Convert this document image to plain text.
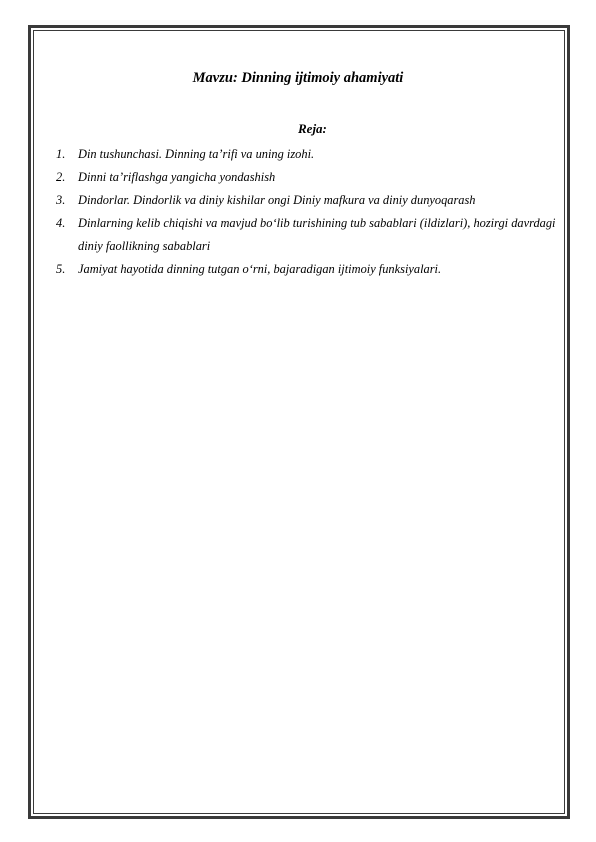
Mavzu: Dinning ijtimoiy ahamiyati
Reja:
1. Din tushunchasi. Dinning ta’rifi va uning izohi.
2. Dinni ta’riflashga yangicha yondashish
3. Dindorlar. Dindorlik va diniy kishilar ongi Diniy mafkura va diniy dunyoqarash
4. Dinlarning kelib chiqishi va mavjud bo‘lib turishining tub sabablari (ildizlari), hozirgi davrdagi diniy faollikning sabablari
5. Jamiyat hayotida dinning tutgan o‘rni, bajaradigan ijtimoiy funksiyalari.
